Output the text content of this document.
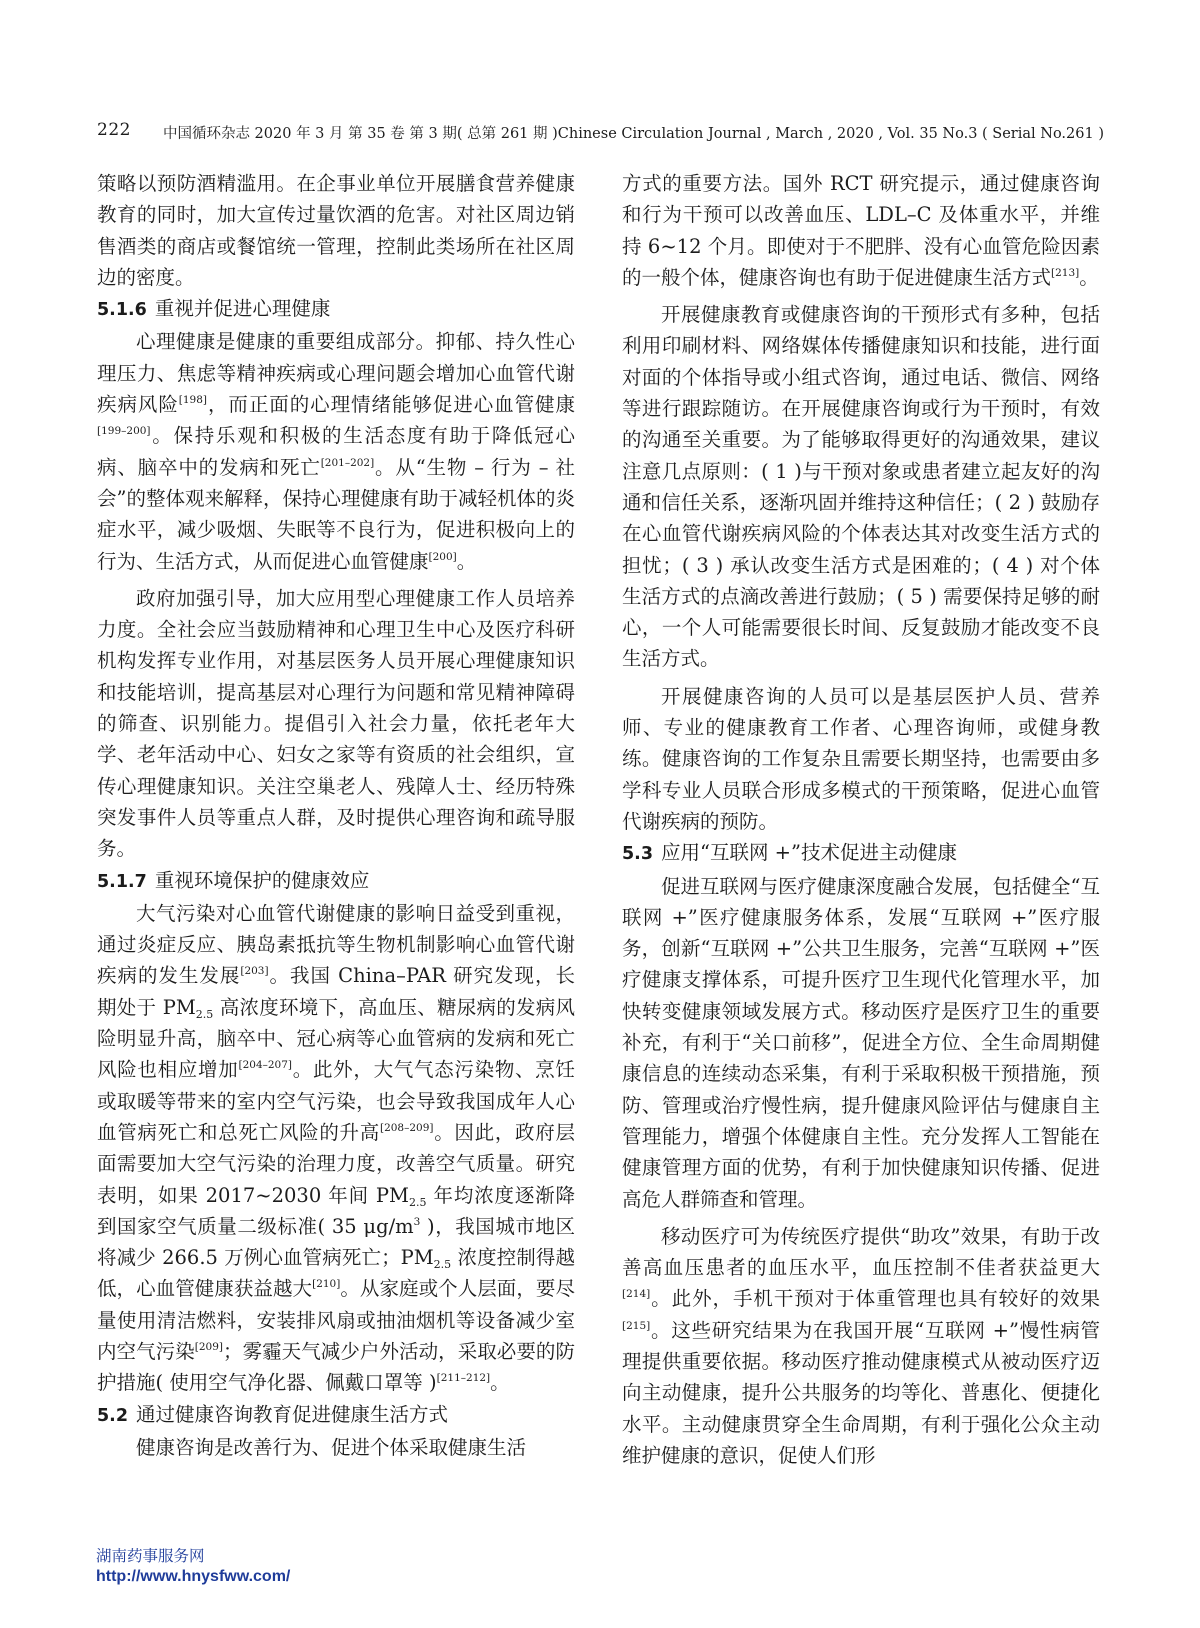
222 中国循环杂志 2020 年 3 月 第 35 卷 第 3 期( 总第 261 期 )Chinese Circulation Journal , March , 2020 , Vol. 35 No.3 ( Serial No.261 )

策略以预防酒精滥用。在企事业单位开展膳食营养健康教育的同时，加大宣传过量饮酒的危害。对社区周边销售酒类的商店或餐馆统一管理，控制此类场所在社区周边的密度。

5.1.6 重视并促进心理健康

心理健康是健康的重要组成部分。抑郁、持久性心理压力、焦虑等精神疾病或心理问题会增加心血管代谢疾病风险[198]，而正面的心理情绪能够促进心血管健康[199–200]。保持乐观和积极的生活态度有助于降低冠心病、脑卒中的发病和死亡[201–202]。从“生物 – 行为 – 社会”的整体观来解释，保持心理健康有助于减轻机体的炎症水平，减少吸烟、失眠等不良行为，促进积极向上的行为、生活方式，从而促进心血管健康[200]。

政府加强引导，加大应用型心理健康工作人员培养力度。全社会应当鼓励精神和心理卫生中心及医疗科研机构发挥专业作用，对基层医务人员开展心理健康知识和技能培训，提高基层对心理行为问题和常见精神障碍的筛查、识别能力。提倡引入社会力量，依托老年大学、老年活动中心、妇女之家等有资质的社会组织，宣传心理健康知识。关注空巢老人、残障人士、经历特殊突发事件人员等重点人群，及时提供心理咨询和疏导服务。

5.1.7 重视环境保护的健康效应

大气污染对心血管代谢健康的影响日益受到重视，通过炎症反应、胰岛素抵抗等生物机制影响心血管代谢疾病的发生发展[203]。我国 China–PAR 研究发现，长期处于 $PM_{2.5}$ 高浓度环境下，高血压、糖尿病的发病风险明显升高，脑卒中、冠心病等心血管病的发病和死亡风险也相应增加[204–207]。此外，大气气态污染物、烹饪或取暖等带来的室内空气污染，也会导致我国成年人心血管病死亡和总死亡风险的升高[208–209]。因此，政府层面需要加大空气污染的治理力度，改善空气质量。研究表明，如果 2017~2030 年间 $PM_{2.5}$ 年均浓度逐渐降到国家空气质量二级标准( 35 $\mu g/m^3$ )，我国城市地区将减少 266.5 万例心血管病死亡；$PM_{2.5}$ 浓度控制得越低，心血管健康获益越大[210]。从家庭或个人层面，要尽量使用清洁燃料，安装排风扇或抽油烟机等设备减少室内空气污染[209]；雾霾天气减少户外活动，采取必要的防护措施( 使用空气净化器、佩戴口罩等 )[211–212]。

5.2 通过健康咨询教育促进健康生活方式

健康咨询是改善行为、促进个体采取健康生活

方式的重要方法。国外 RCT 研究提示，通过健康咨询和行为干预可以改善血压、LDL–C 及体重水平，并维持 6~12 个月。即使对于不肥胖、没有心血管危险因素的一般个体，健康咨询也有助于促进健康生活方式[213]。

开展健康教育或健康咨询的干预形式有多种，包括利用印刷材料、网络媒体传播健康知识和技能，进行面对面的个体指导或小组式咨询，通过电话、微信、网络等进行跟踪随访。在开展健康咨询或行为干预时，有效的沟通至关重要。为了能够取得更好的沟通效果，建议注意几点原则：( 1 )与干预对象或患者建立起友好的沟通和信任关系，逐渐巩固并维持这种信任；( 2 ) 鼓励存在心血管代谢疾病风险的个体表达其对改变生活方式的担忧；( 3 ) 承认改变生活方式是困难的；( 4 ) 对个体生活方式的点滴改善进行鼓励；( 5 ) 需要保持足够的耐心，一个人可能需要很长时间、反复鼓励才能改变不良生活方式。

开展健康咨询的人员可以是基层医护人员、营养师、专业的健康教育工作者、心理咨询师，或健身教练。健康咨询的工作复杂且需要长期坚持，也需要由多学科专业人员联合形成多模式的干预策略，促进心血管代谢疾病的预防。

5.3 应用“互联网 +”技术促进主动健康

促进互联网与医疗健康深度融合发展，包括健全“互联网 +”医疗健康服务体系，发展“互联网 +”医疗服务，创新“互联网 +”公共卫生服务，完善“互联网 +”医疗健康支撑体系，可提升医疗卫生现代化管理水平，加快转变健康领域发展方式。移动医疗是医疗卫生的重要补充，有利于“关口前移”，促进全方位、全生命周期健康信息的连续动态采集，有利于采取积极干预措施，预防、管理或治疗慢性病，提升健康风险评估与健康自主管理能力，增强个体健康自主性。充分发挥人工智能在健康管理方面的优势，有利于加快健康知识传播、促进高危人群筛查和管理。

移动医疗可为传统医疗提供“助攻”效果，有助于改善高血压患者的血压水平，血压控制不佳者获益更大[214]。此外，手机干预对于体重管理也具有较好的效果[215]。这些研究结果为在我国开展“互联网 +”慢性病管理提供重要依据。移动医疗推动健康模式从被动医疗迈向主动健康，提升公共服务的均等化、普惠化、便捷化水平。主动健康贯穿全生命周期，有利于强化公众主动维护健康的意识，促使人们形

湖南药事服务网
http://www.hnysfww.com/
